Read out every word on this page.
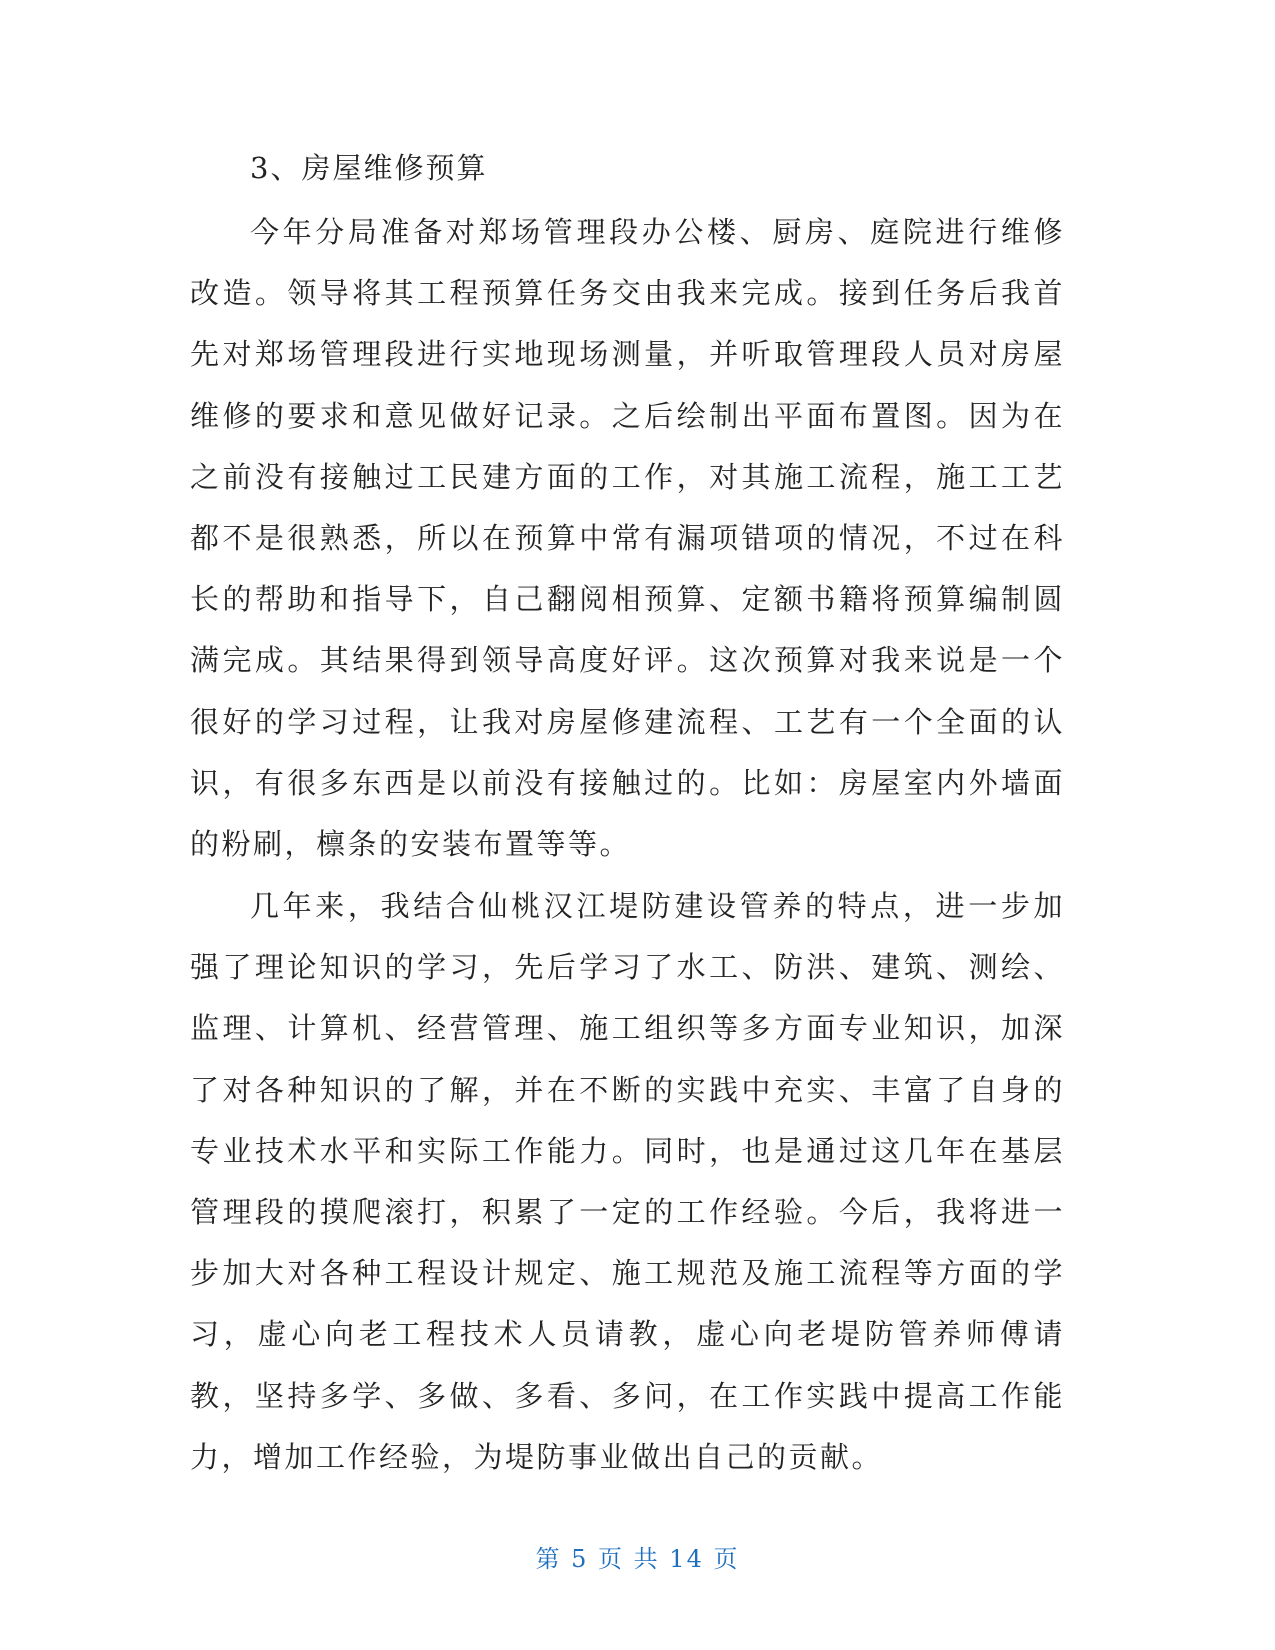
3、房屋维修预算

今年分局准备对郑场管理段办公楼、厨房、庭院进行维修改造。领导将其工程预算任务交由我来完成。接到任务后我首先对郑场管理段进行实地现场测量，并听取管理段人员对房屋维修的要求和意见做好记录。之后绘制出平面布置图。因为在之前没有接触过工民建方面的工作，对其施工流程，施工工艺都不是很熟悉，所以在预算中常有漏项错项的情况，不过在科长的帮助和指导下，自己翻阅相预算、定额书籍将预算编制圆满完成。其结果得到领导高度好评。这次预算对我来说是一个很好的学习过程，让我对房屋修建流程、工艺有一个全面的认识，有很多东西是以前没有接触过的。比如：房屋室内外墙面的粉刷，檩条的安装布置等等。

几年来，我结合仙桃汉江堤防建设管养的特点，进一步加强了理论知识的学习，先后学习了水工、防洪、建筑、测绘、监理、计算机、经营管理、施工组织等多方面专业知识，加深了对各种知识的了解，并在不断的实践中充实、丰富了自身的专业技术水平和实际工作能力。同时，也是通过这几年在基层管理段的摸爬滚打，积累了一定的工作经验。今后，我将进一步加大对各种工程设计规定、施工规范及施工流程等方面的学习，虚心向老工程技术人员请教，虚心向老堤防管养师傅请教，坚持多学、多做、多看、多问，在工作实践中提高工作能力，增加工作经验，为堤防事业做出自己的贡献。

第 5 页 共 14 页
